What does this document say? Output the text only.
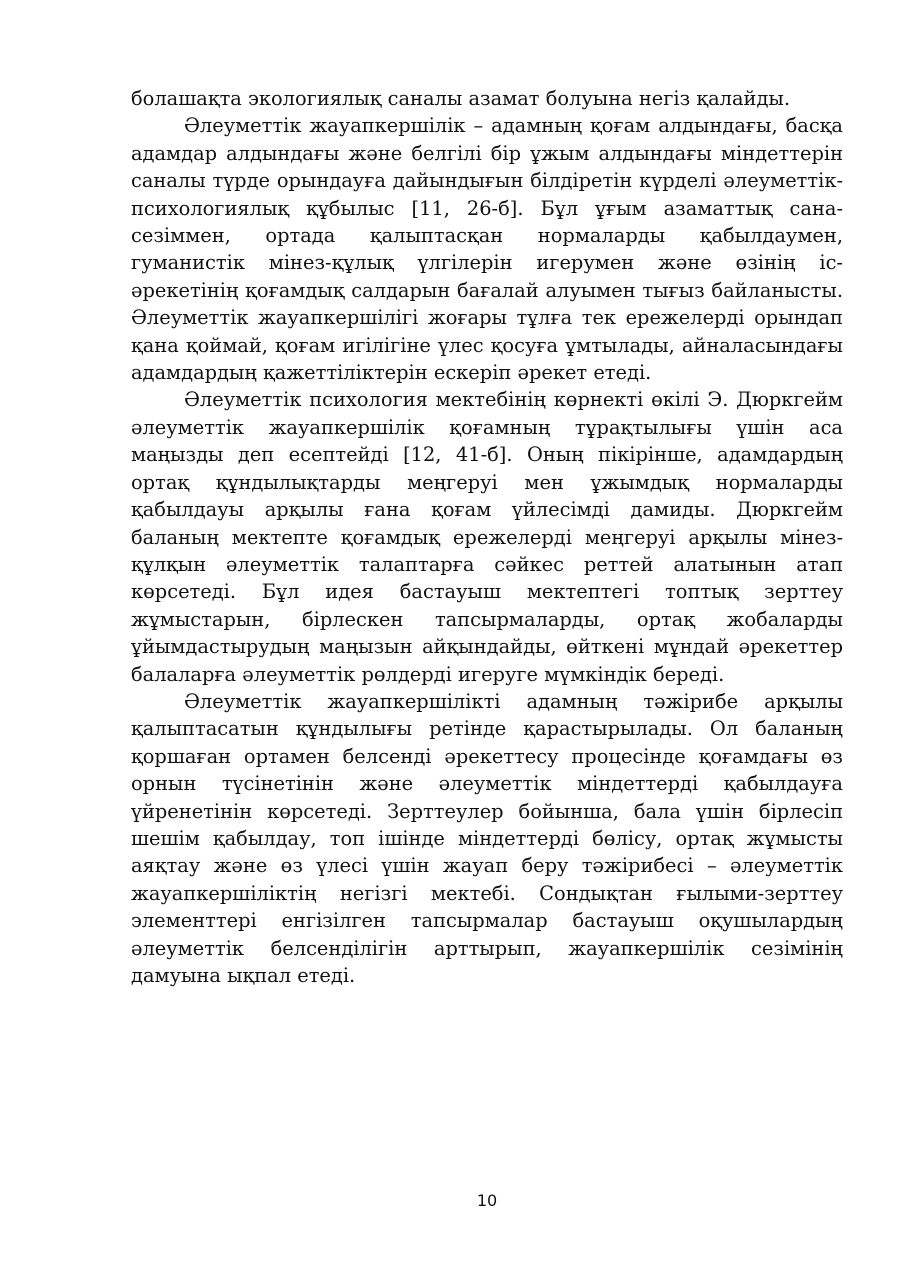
болашақта экологиялық саналы азамат болуына негіз қалайды.

Әлеуметтік жауапкершілік – адамның қоғам алдындағы, басқа адамдар алдындағы және белгілі бір ұжым алдындағы міндеттерін саналы түрде орындауға дайындығын білдіретін күрделі әлеуметтік-психологиялық құбылыс [11, 26-б]. Бұл ұғым азаматтық сана-сезіммен, ортада қалыптасқан нормаларды қабылдаумен, гуманистік мінез-құлық үлгілерін игерумен және өзінің іс-әрекетінің қоғамдық салдарын бағалай алуымен тығыз байланысты. Әлеуметтік жауапкершілігі жоғары тұлға тек ережелерді орындап қана қоймай, қоғам игілігіне үлес қосуға ұмтылады, айналасындағы адамдардың қажеттіліктерін ескеріп әрекет етеді.

Әлеуметтік психология мектебінің көрнекті өкілі Э. Дюркгейм әлеуметтік жауапкершілік қоғамның тұрақтылығы үшін аса маңызды деп есептейді [12, 41-б]. Оның пікірінше, адамдардың ортақ құндылықтарды меңгеруі мен ұжымдық нормаларды қабылдауы арқылы ғана қоғам үйлесімді дамиды. Дюркгейм баланың мектепте қоғамдық ережелерді меңгеруі арқылы мінез-құлқын әлеуметтік талаптарға сәйкес реттей алатынын атап көрсетеді. Бұл идея бастауыш мектептегі топтық зерттеу жұмыстарын, бірлескен тапсырмаларды, ортақ жобаларды ұйымдастырудың маңызын айқындайды, өйткені мұндай әрекеттер балаларға әлеуметтік рөлдерді игеруге мүмкіндік береді.

Әлеуметтік жауапкершілікті адамның тәжірибе арқылы қалыптасатын құндылығы ретінде қарастырылады. Ол баланың қоршаған ортамен белсенді әрекеттесу процесінде қоғамдағы өз орнын түсінетінін және әлеуметтік міндеттерді қабылдауға үйренетінін көрсетеді. Зерттеулер бойынша, бала үшін бірлесіп шешім қабылдау, топ ішінде міндеттерді бөлісу, ортақ жұмысты аяқтау және өз үлесі үшін жауап беру тәжірибесі – әлеуметтік жауапкершіліктің негізгі мектебі. Сондықтан ғылыми-зерттеу элементтері енгізілген тапсырмалар бастауыш оқушылардың әлеуметтік белсенділігін арттырып, жауапкершілік сезімінің дамуына ықпал етеді.

10
